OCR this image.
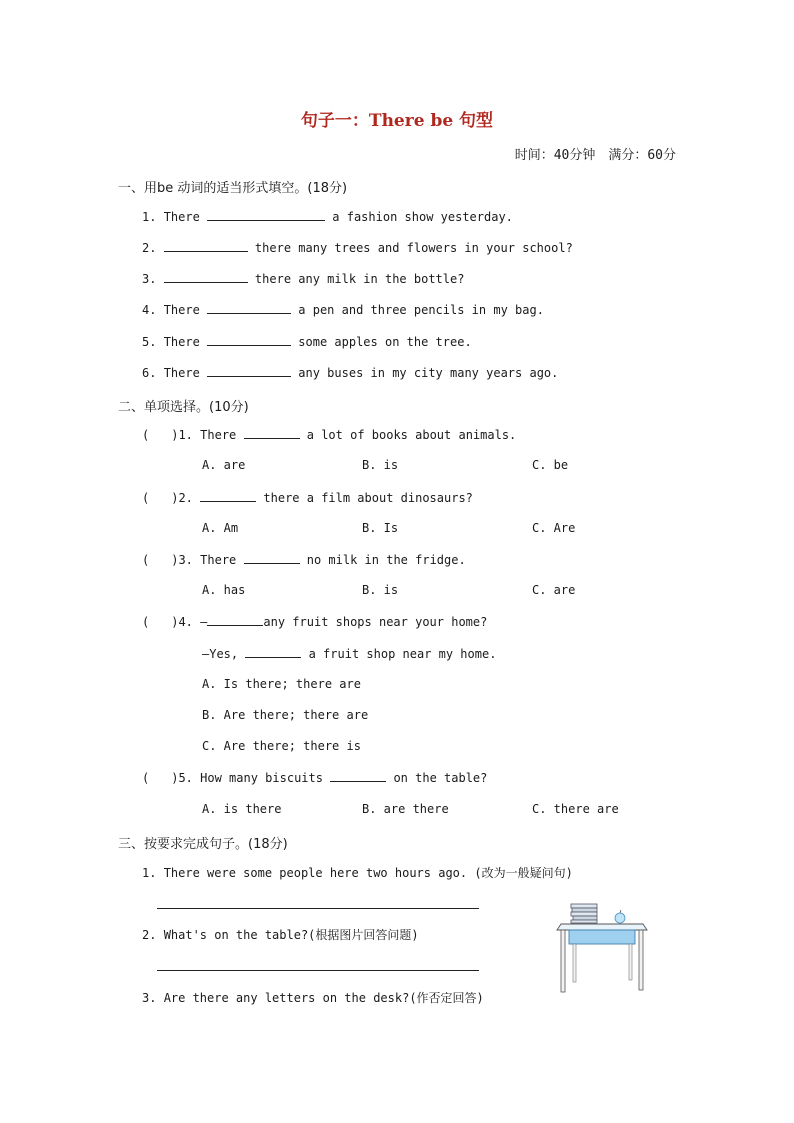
句子一：There be 句型
时间：40分钟　满分：60分
一、用be 动词的适当形式填空。(18分)
1. There	a fashion show yesterday.
2.	there many trees and flowers in your school?
3.	there any milk in the bottle?
4. There	a pen and three pencils in my bag.
5. There	some apples on the tree.
6. There	any buses in my city many years ago.
二、单项选择。(10分)
( )1. There	a lot of books about animals.
A. are	B. is	C. be
( )2.	there a film about dinosaurs?
A. Am	B. Is	C. Are
( )3. There	no milk in the fridge.
A. has	B. is	C. are
( )4. —	any fruit shops near your home?
—Yes,	a fruit shop near my home.
A. Is there; there are
B. Are there; there are
C. Are there; there is
( )5. How many biscuits	on the table?
A. is there	B. are there	C. there are
三、按要求完成句子。(18分)
1. There were some people here two hours ago. (改为一般疑问句)
2. What's on the table?(根据图片回答问题)
3. Are there any letters on the desk?(作否定回答)
